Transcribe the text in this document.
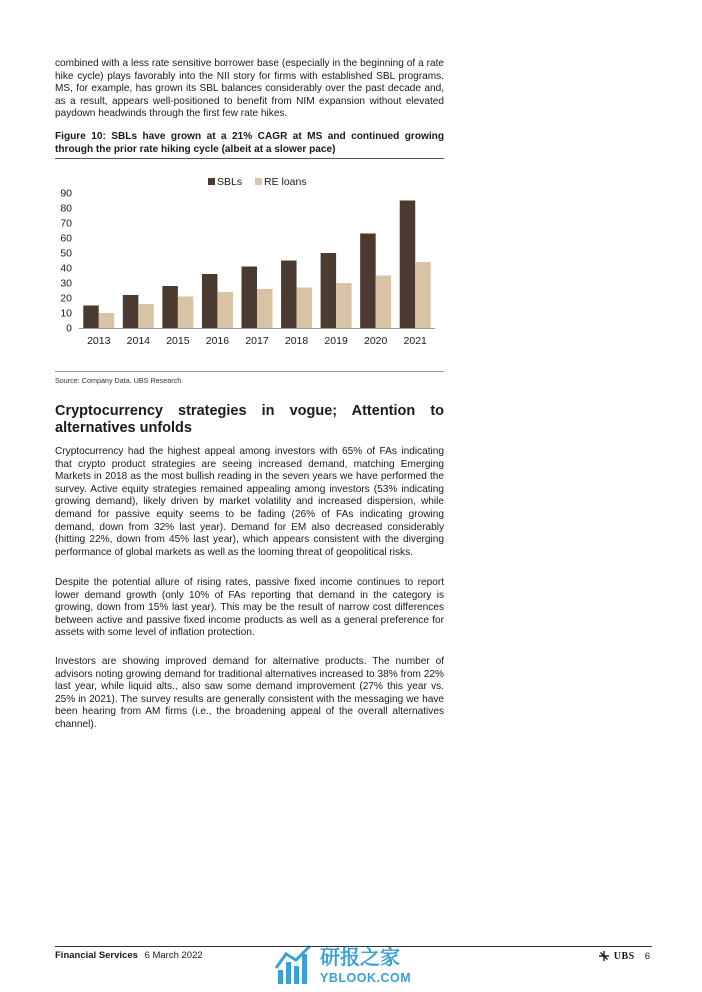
combined with a less rate sensitive borrower base (especially in the beginning of a rate hike cycle) plays favorably into the NII story for firms with established SBL programs. MS, for example, has grown its SBL balances considerably over the past decade and, as a result, appears well-positioned to benefit from NIM expansion without elevated paydown headwinds through the first few rate hikes.

Figure 10: SBLs have grown at a 21% CAGR at MS and continued growing through the prior rate hiking cycle (albeit at a slower pace)
SBLs RE loans
0
10
20
30
40
50
60
70
80
90
2013 2014 2015 2016 2017 2018 2019 2020 2021
Source: Company Data. UBS Research
Cryptocurrency strategies in vogue; Attention to alternatives unfolds

Cryptocurrency had the highest appeal among investors with 65% of FAs indicating that crypto product strategies are seeing increased demand, matching Emerging Markets in 2018 as the most bullish reading in the seven years we have performed the survey. Active equity strategies remained appealing among investors (53% indicating growing demand), likely driven by market volatility and increased dispersion, while demand for passive equity seems to be fading (26% of FAs indicating growing demand, down from 32% last year). Demand for EM also decreased considerably (hitting 22%, down from 45% last year), which appears consistent with the diverging performance of global markets as well as the looming threat of geopolitical risks.

Despite the potential allure of rising rates, passive fixed income continues to report lower demand growth (only 10% of FAs reporting that demand in the category is growing, down from 15% last year). This may be the result of narrow cost differences between active and passive fixed income products as well as a general preference for assets with some level of inflation protection.

Investors are showing improved demand for alternative products. The number of advisors noting growing demand for traditional alternatives increased to 38% from 22% last year, while liquid alts., also saw some demand improvement (27% this year vs. 25% in 2021). The survey results are generally consistent with the messaging we have been hearing from AM firms (i.e., the broadening appeal of the overall alternatives channel).

研报之家
YBLOOK.COM
Financial Services 6 March 2022	UBS 6
